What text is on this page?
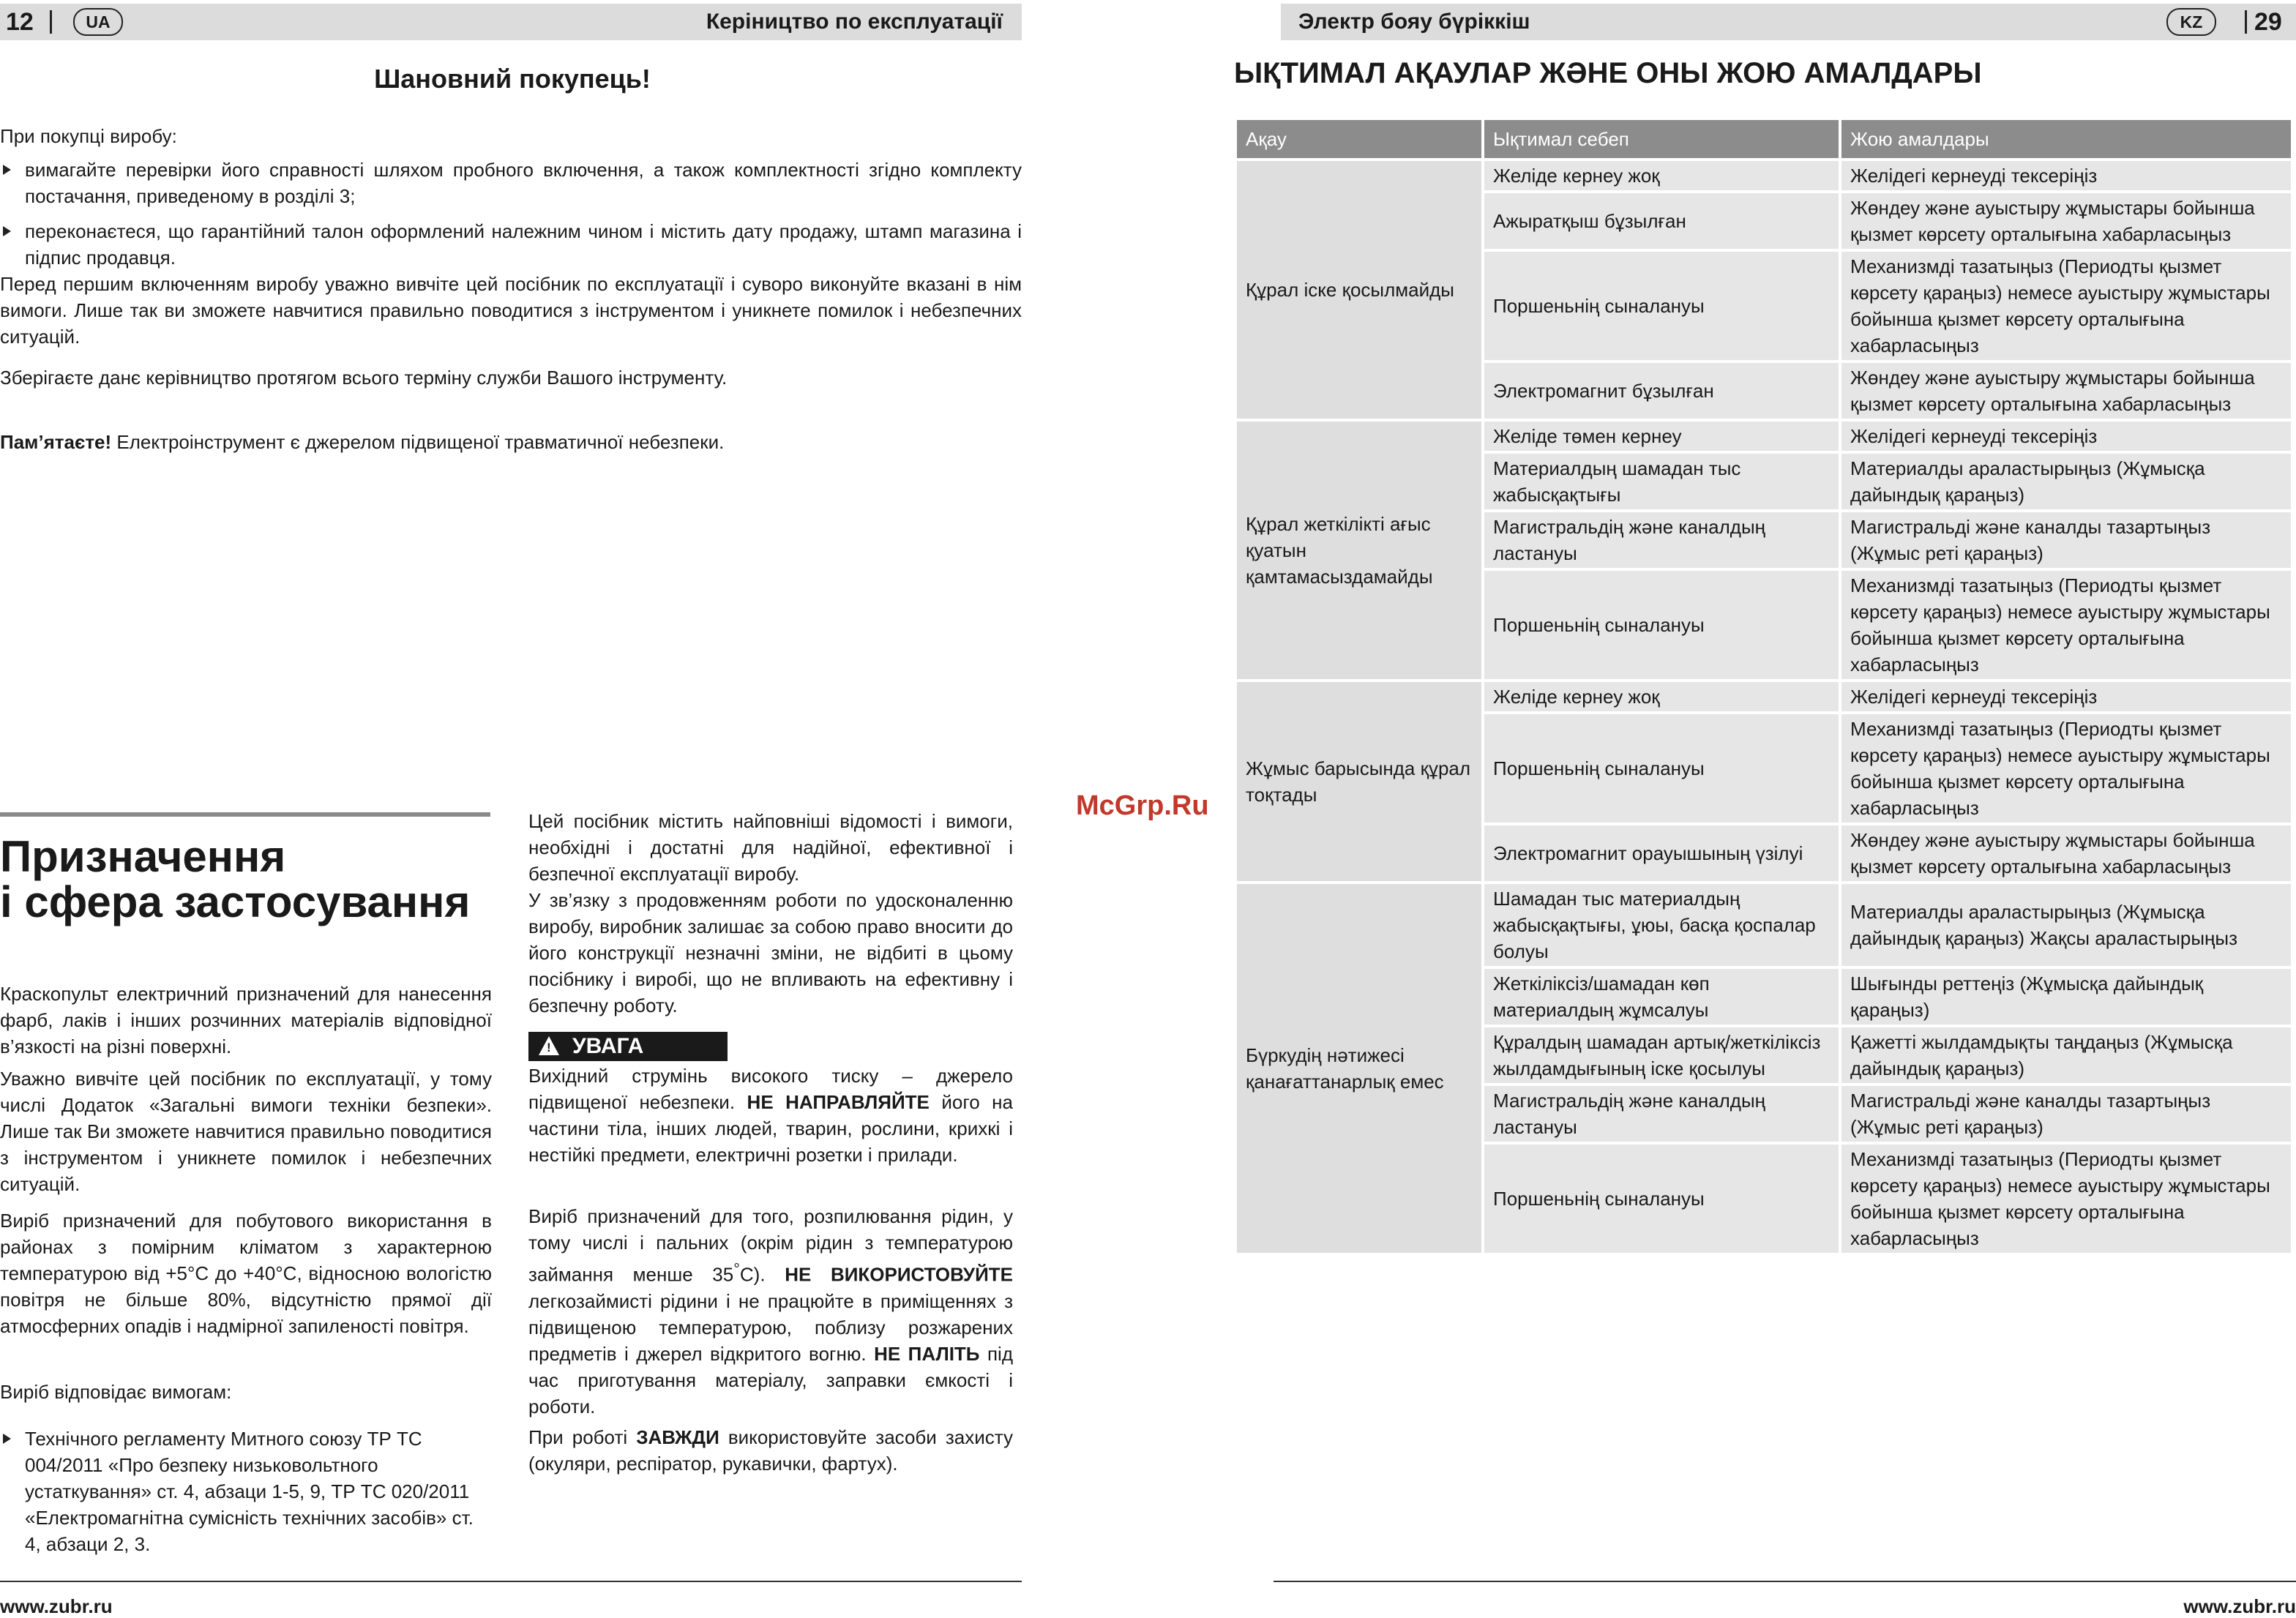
12	UA	Керіництво по експлуатації
Шановний покупець!
При покупці виробу:
вимагайте перевірки його справності шляхом пробного включення, а також комплектності згідно комплекту постачання, приведеному в розділі 3;
переконаєтеся, що гарантійний талон оформлений належним чином і містить дату продажу, штамп магазина і підпис продавця.
Перед першим включенням виробу уважно вивчіте цей посібник по експлуатації і суворо виконуйте вказані в нім вимоги. Лише так ви зможете навчитися правильно поводитися з інструментом і уникнете помилок і небезпечних ситуацій.
Зберігаєте данє керівництво протягом всього терміну служби Вашого інструменту.
Пам’ятаєте! Електроінструмент є джерелом підвищеної травматичної небезпеки.
Призначення
і сфера застосування
Краскопульт електричний призначений для нанесення фарб, лаків і інших розчинних матеріалів відповідної в’язкості на різні поверхні.
Уважно вивчіте цей посібник по експлуатації, у тому числі Додаток «Загальні вимоги техніки безпеки». Лише так Ви зможете навчитися правильно поводитися з інструментом і уникнете помилок і небезпечних ситуацій.
Виріб призначений для побутового використання в районах з помірним кліматом з характерною температурою від +5°С до +40°С, відносною вологістю повітря не більше 80%, відсутністю прямої дії атмосферних опадів і надмірної запиленості повітря.
Виріб відповідає вимогам:
Технічного регламенту Митного союзу ТР ТС 004/2011 «Про безпеку низьковольтного устаткування» ст. 4, абзаци 1-5, 9, ТР ТС 020/2011 «Електромагнітна сумісність технічних засобів» ст. 4, абзаци 2, 3.
Цей посібник містить найповніші відомості і вимоги, необхідні і достатні для надійної, ефективної і безпечної експлуатації виробу.
У зв’язку з продовженням роботи по удосконаленню виробу, виробник залишає за собою право вносити до його конструкції незначні зміни, не відбиті в цьому посібнику і виробі, що не впливають на ефективну і безпечну роботу.
! УВАГА
Вихідний струмінь високого тиску – джерело підвищеної небезпеки. НЕ НАПРАВЛЯЙТЕ його на частини тіла, інших людей, тварин, рослини, крихкі і нестійкі предмети, електричні розетки і прилади.
Виріб призначений для того, розпилювання рідин, у тому числі і пальних (окрім рідин з температурою займання менше 35°С). НЕ ВИКОРИСТОВУЙТЕ легкозаймисті рідини і не працюйте в приміщеннях з підвищеною температурою, поблизу розжарених предметів і джерел відкритого вогню. НЕ ПАЛІТЬ під час приготування матеріалу, заправки ємкості і роботи.
При роботі ЗАВЖДИ використовуйте засоби захисту (окуляри, респіратор, рукавички, фартух).
www.zubr.ru
Электр бояу бүріккіш	KZ	29
www.zubr.ru
ЫҚТИМАЛ АҚАУЛАР ЖӘНЕ ОНЫ ЖОЮ АМАЛДАРЫ
Ақау	Ықтимал себеп	Жою амалдары
Құрал іске қосылмайды	Желіде кернеу жоқ	Желідегі кернеуді тексеріңіз
	Ажыратқыш бұзылған	Жөндеу және ауыстыру жұмыстары бойынша қызмет көрсету орталығына хабарласыңыз
	Поршеньнің сыналануы	Механизмді тазатыңыз (Периодты қызмет көрсету қараңыз) немесе ауыстыру жұмыстары бойынша қызмет көрсету орталығына хабарласыңыз
	Электромагнит бұзылған	Жөндеу және ауыстыру жұмыстары бойынша қызмет көрсету орталығына хабарласыңыз
Құрал жеткілікті ағыс қуатын қамтамасыздамайды	Желіде төмен кернеу	Желідегі кернеуді тексеріңіз
	Материалдың шамадан тыс жабысқақтығы	Материалды араластырыңыз (Жұмысқа дайындық қараңыз)
	Магистральдің және каналдың ластануы	Магистральді және каналды тазартыңыз (Жұмыс реті қараңыз)
	Поршеньнің сыналануы	Механизмді тазатыңыз (Периодты қызмет көрсету қараңыз) немесе ауыстыру жұмыстары бойынша қызмет көрсету орталығына хабарласыңыз
Жұмыс барысында құрал тоқтады	Желіде кернеу жоқ	Желідегі кернеуді тексеріңіз
	Поршеньнің сыналануы	Механизмді тазатыңыз (Периодты қызмет көрсету қараңыз) немесе ауыстыру жұмыстары бойынша қызмет көрсету орталығына хабарласыңыз
	Электромагнит орауышының үзілуі	Жөндеу және ауыстыру жұмыстары бойынша қызмет көрсету орталығына хабарласыңыз
Бүркудің нәтижесі қанағаттанарлық емес	Шамадан тыс материалдың жабысқақтығы, ұюы, басқа қоспалар болуы	Материалды араластырыңыз (Жұмысқа дайындық қараңыз) Жақсы араластырыңыз
	Жеткіліксіз/шамадан көп материалдың жұмсалуы	Шығынды реттеңіз (Жұмысқа дайындық қараңыз)
	Құралдың шамадан артық/жеткіліксіз жылдамдығының іске қосылуы	Қажетті жылдамдықты таңдаңыз (Жұмысқа дайындық қараңыз)
	Магистральдің және каналдың ластануы	Магистральді және каналды тазартыңыз (Жұмыс реті қараңыз)
	Поршеньнің сыналануы	Механизмді тазатыңыз (Периодты қызмет көрсету қараңыз) немесе ауыстыру жұмыстары бойынша қызмет көрсету орталығына хабарласыңыз
McGrp.Ru
